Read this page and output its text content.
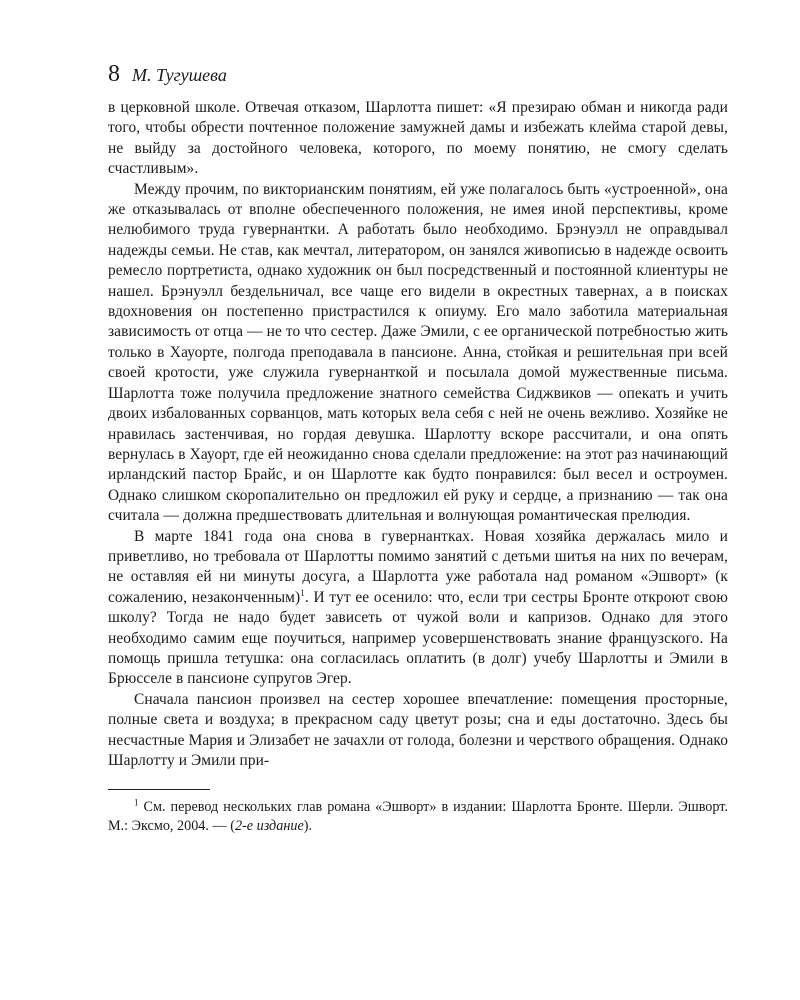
8 М. Тугушева

в церковной школе. Отвечая отказом, Шарлотта пишет: «Я презираю обман и никогда ради того, чтобы обрести почтенное положение замужней дамы и избежать клейма старой девы, не выйду за достойного человека, которого, по моему понятию, не смогу сделать счастливым».

Между прочим, по викторианским понятиям, ей уже полагалось быть «устроенной», она же отказывалась от вполне обеспеченного положения, не имея иной перспективы, кроме нелюбимого труда гувернантки. А работать было необходимо. Брэнуэлл не оправдывал надежды семьи. Не став, как мечтал, литератором, он занялся живописью в надежде освоить ремесло портретиста, однако художник он был посредственный и постоянной клиентуры не нашел. Брэнуэлл бездельничал, все чаще его видели в окрестных тавернах, а в поисках вдохновения он постепенно пристрастился к опиуму. Его мало заботила материальная зависимость от отца — не то что сестер. Даже Эмили, с ее органической потребностью жить только в Хауорте, полгода преподавала в пансионе. Анна, стойкая и решительная при всей своей кротости, уже служила гувернанткой и посылала домой мужественные письма. Шарлотта тоже получила предложение знатного семейства Сиджвиков — опекать и учить двоих избалованных сорванцов, мать которых вела себя с ней не очень вежливо. Хозяйке не нравилась застенчивая, но гордая девушка. Шарлотту вскоре рассчитали, и она опять вернулась в Хауорт, где ей неожиданно снова сделали предложение: на этот раз начинающий ирландский пастор Брайс, и он Шарлотте как будто понравился: был весел и остроумен. Однако слишком скоропалительно он предложил ей руку и сердце, а признанию — так она считала — должна предшествовать длительная и волнующая романтическая прелюдия.

В марте 1841 года она снова в гувернантках. Новая хозяйка держалась мило и приветливо, но требовала от Шарлотты помимо занятий с детьми шитья на них по вечерам, не оставляя ей ни минуты досуга, а Шарлотта уже работала над романом «Эшворт» (к сожалению, незаконченным)$^1$. И тут ее осенило: что, если три сестры Бронте откроют свою школу? Тогда не надо будет зависеть от чужой воли и капризов. Однако для этого необходимо самим еще поучиться, например усовершенствовать знание французского. На помощь пришла тетушка: она согласилась оплатить (в долг) учебу Шарлотты и Эмили в Брюсселе в пансионе супругов Эгер.

Сначала пансион произвел на сестер хорошее впечатление: помещения просторные, полные света и воздуха; в прекрасном саду цветут розы; сна и еды достаточно. Здесь бы несчастные Мария и Элизабет не зачахли от голода, болезни и черствого обращения. Однако Шарлотту и Эмили при-

$^1$ См. перевод нескольких глав романа «Эшворт» в издании: Шарлотта Бронте. Шерли. Эшворт. М.: Эксмо, 2004. — (2-е издание).
